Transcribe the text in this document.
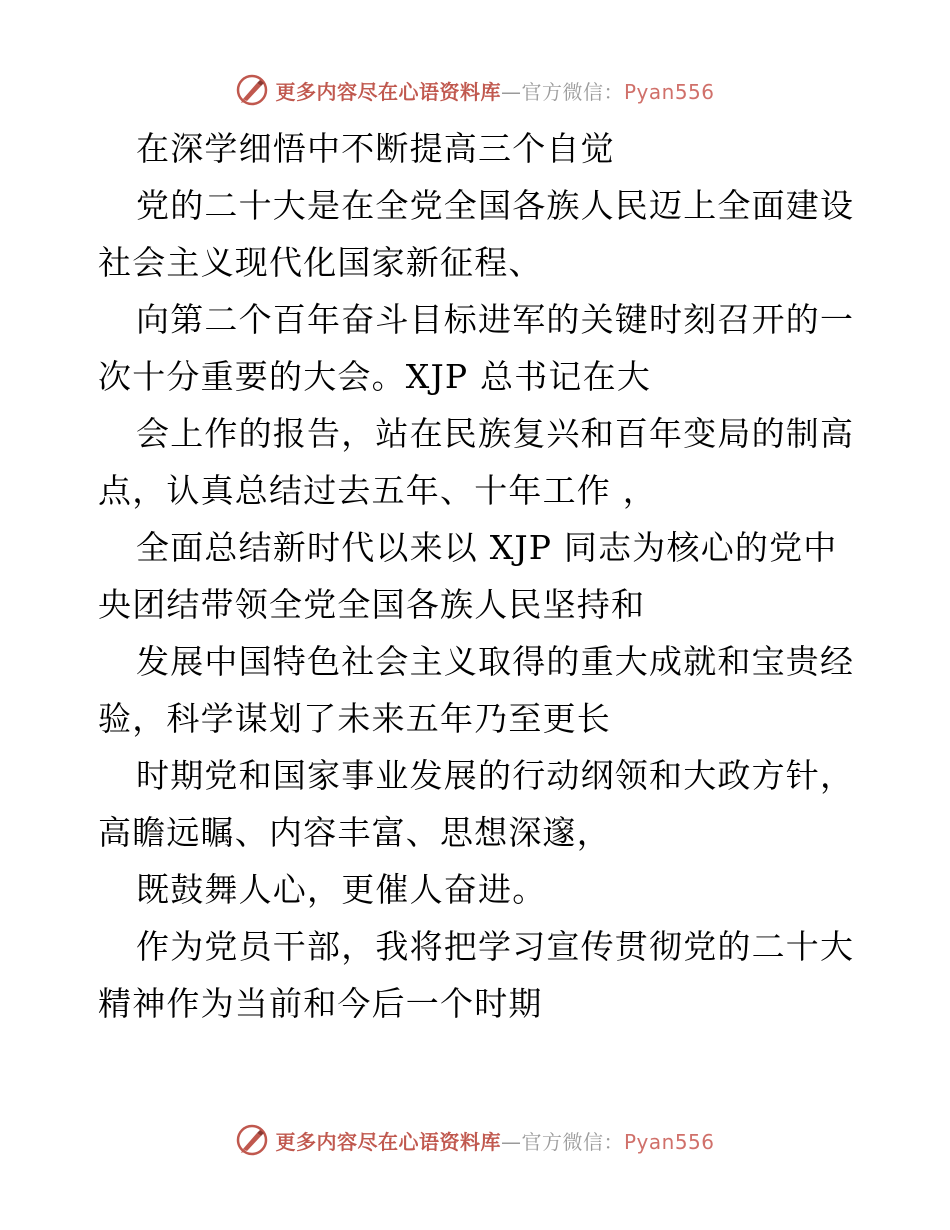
更多内容尽在心语资料库—官方微信：Pyan556
在深学细悟中不断提高三个自觉
党的二十大是在全党全国各族人民迈上全面建设
社会主义现代化国家新征程、
向第二个百年奋斗目标进军的关键时刻召开的一
次十分重要的大会。XJP 总书记在大
会上作的报告，站在民族复兴和百年变局的制高
点，认真总结过去五年、十年工作 ，
全面总结新时代以来以 XJP 同志为核心的党中
央团结带领全党全国各族人民坚持和
发展中国特色社会主义取得的重大成就和宝贵经
验，科学谋划了未来五年乃至更长
时期党和国家事业发展的行动纲领和大政方针，
高瞻远瞩、内容丰富、思想深邃，
既鼓舞人心，更催人奋进。
作为党员干部，我将把学习宣传贯彻党的二十大
精神作为当前和今后一个时期
更多内容尽在心语资料库—官方微信：Pyan556
